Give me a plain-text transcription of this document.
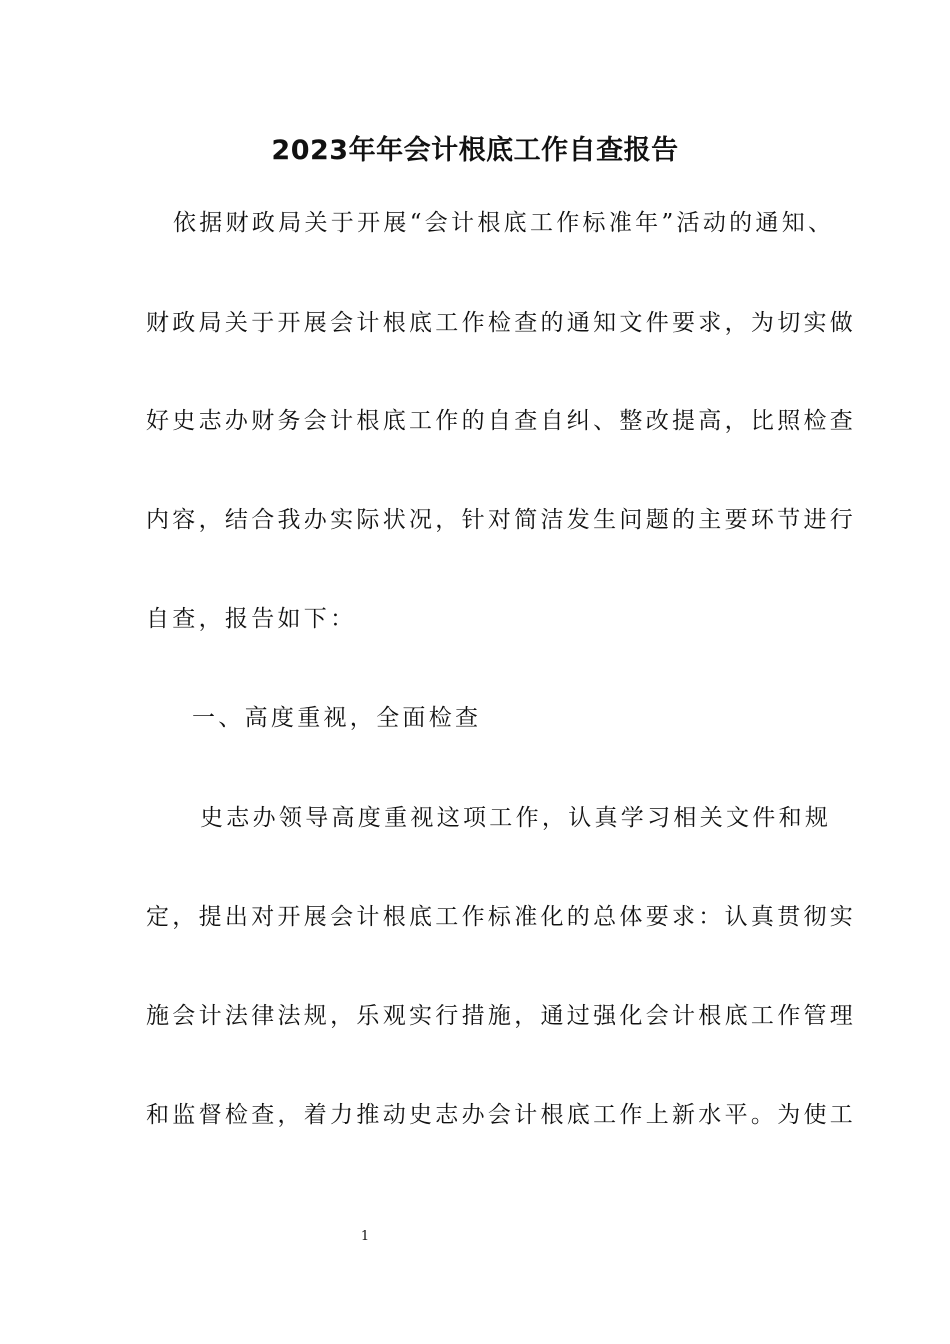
2023年年会计根底工作自查报告
依据财政局关于开展“会计根底工作标准年”活动的通知、
财政局关于开展会计根底工作检查的通知文件要求，为切实做
好史志办财务会计根底工作的自查自纠、整改提高，比照检查
内容，结合我办实际状况，针对简洁发生问题的主要环节进行
自查，报告如下：
一、高度重视，全面检查
史志办领导高度重视这项工作，认真学习相关文件和规
定，提出对开展会计根底工作标准化的总体要求：认真贯彻实
施会计法律法规，乐观实行措施，通过强化会计根底工作管理
和监督检查，着力推动史志办会计根底工作上新水平。为使工
1
